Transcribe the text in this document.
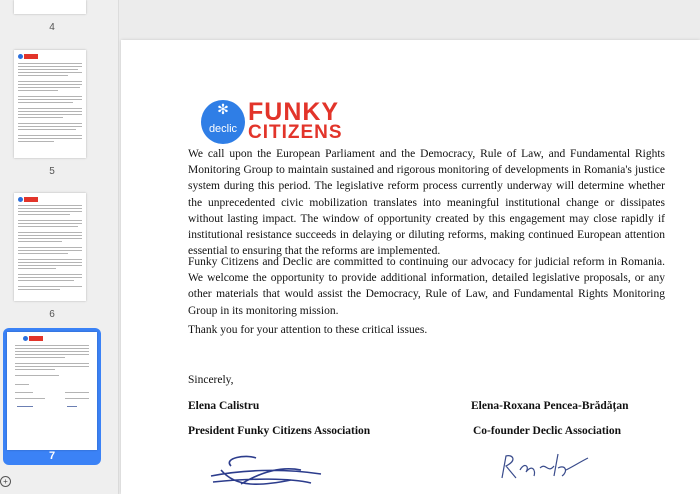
4
5
6
7
+
✻
declic
FUNKY
CITIZENS

We call upon the European Parliament and the Democracy, Rule of Law, and Fundamental Rights Monitoring Group to maintain sustained and rigorous monitoring of developments in Romania's justice system during this period. The legislative reform process currently underway will determine whether the unprecedented civic mobilization translates into meaningful institutional change or dissipates without lasting impact. The window of opportunity created by this engagement may close rapidly if institutional resistance succeeds in delaying or diluting reforms, making continued European attention essential to ensuring that the reforms are implemented.

Funky Citizens and Declic are committed to continuing our advocacy for judicial reform in Romania. We welcome the opportunity to provide additional information, detailed legislative proposals, or any other materials that would assist the Democracy, Rule of Law, and Fundamental Rights Monitoring Group in its monitoring mission.

Thank you for your attention to these critical issues.

Sincerely,
Elena Calistru	Elena-Roxana Pencea-Brădățan
President Funky Citizens Association	Co-founder Declic Association
